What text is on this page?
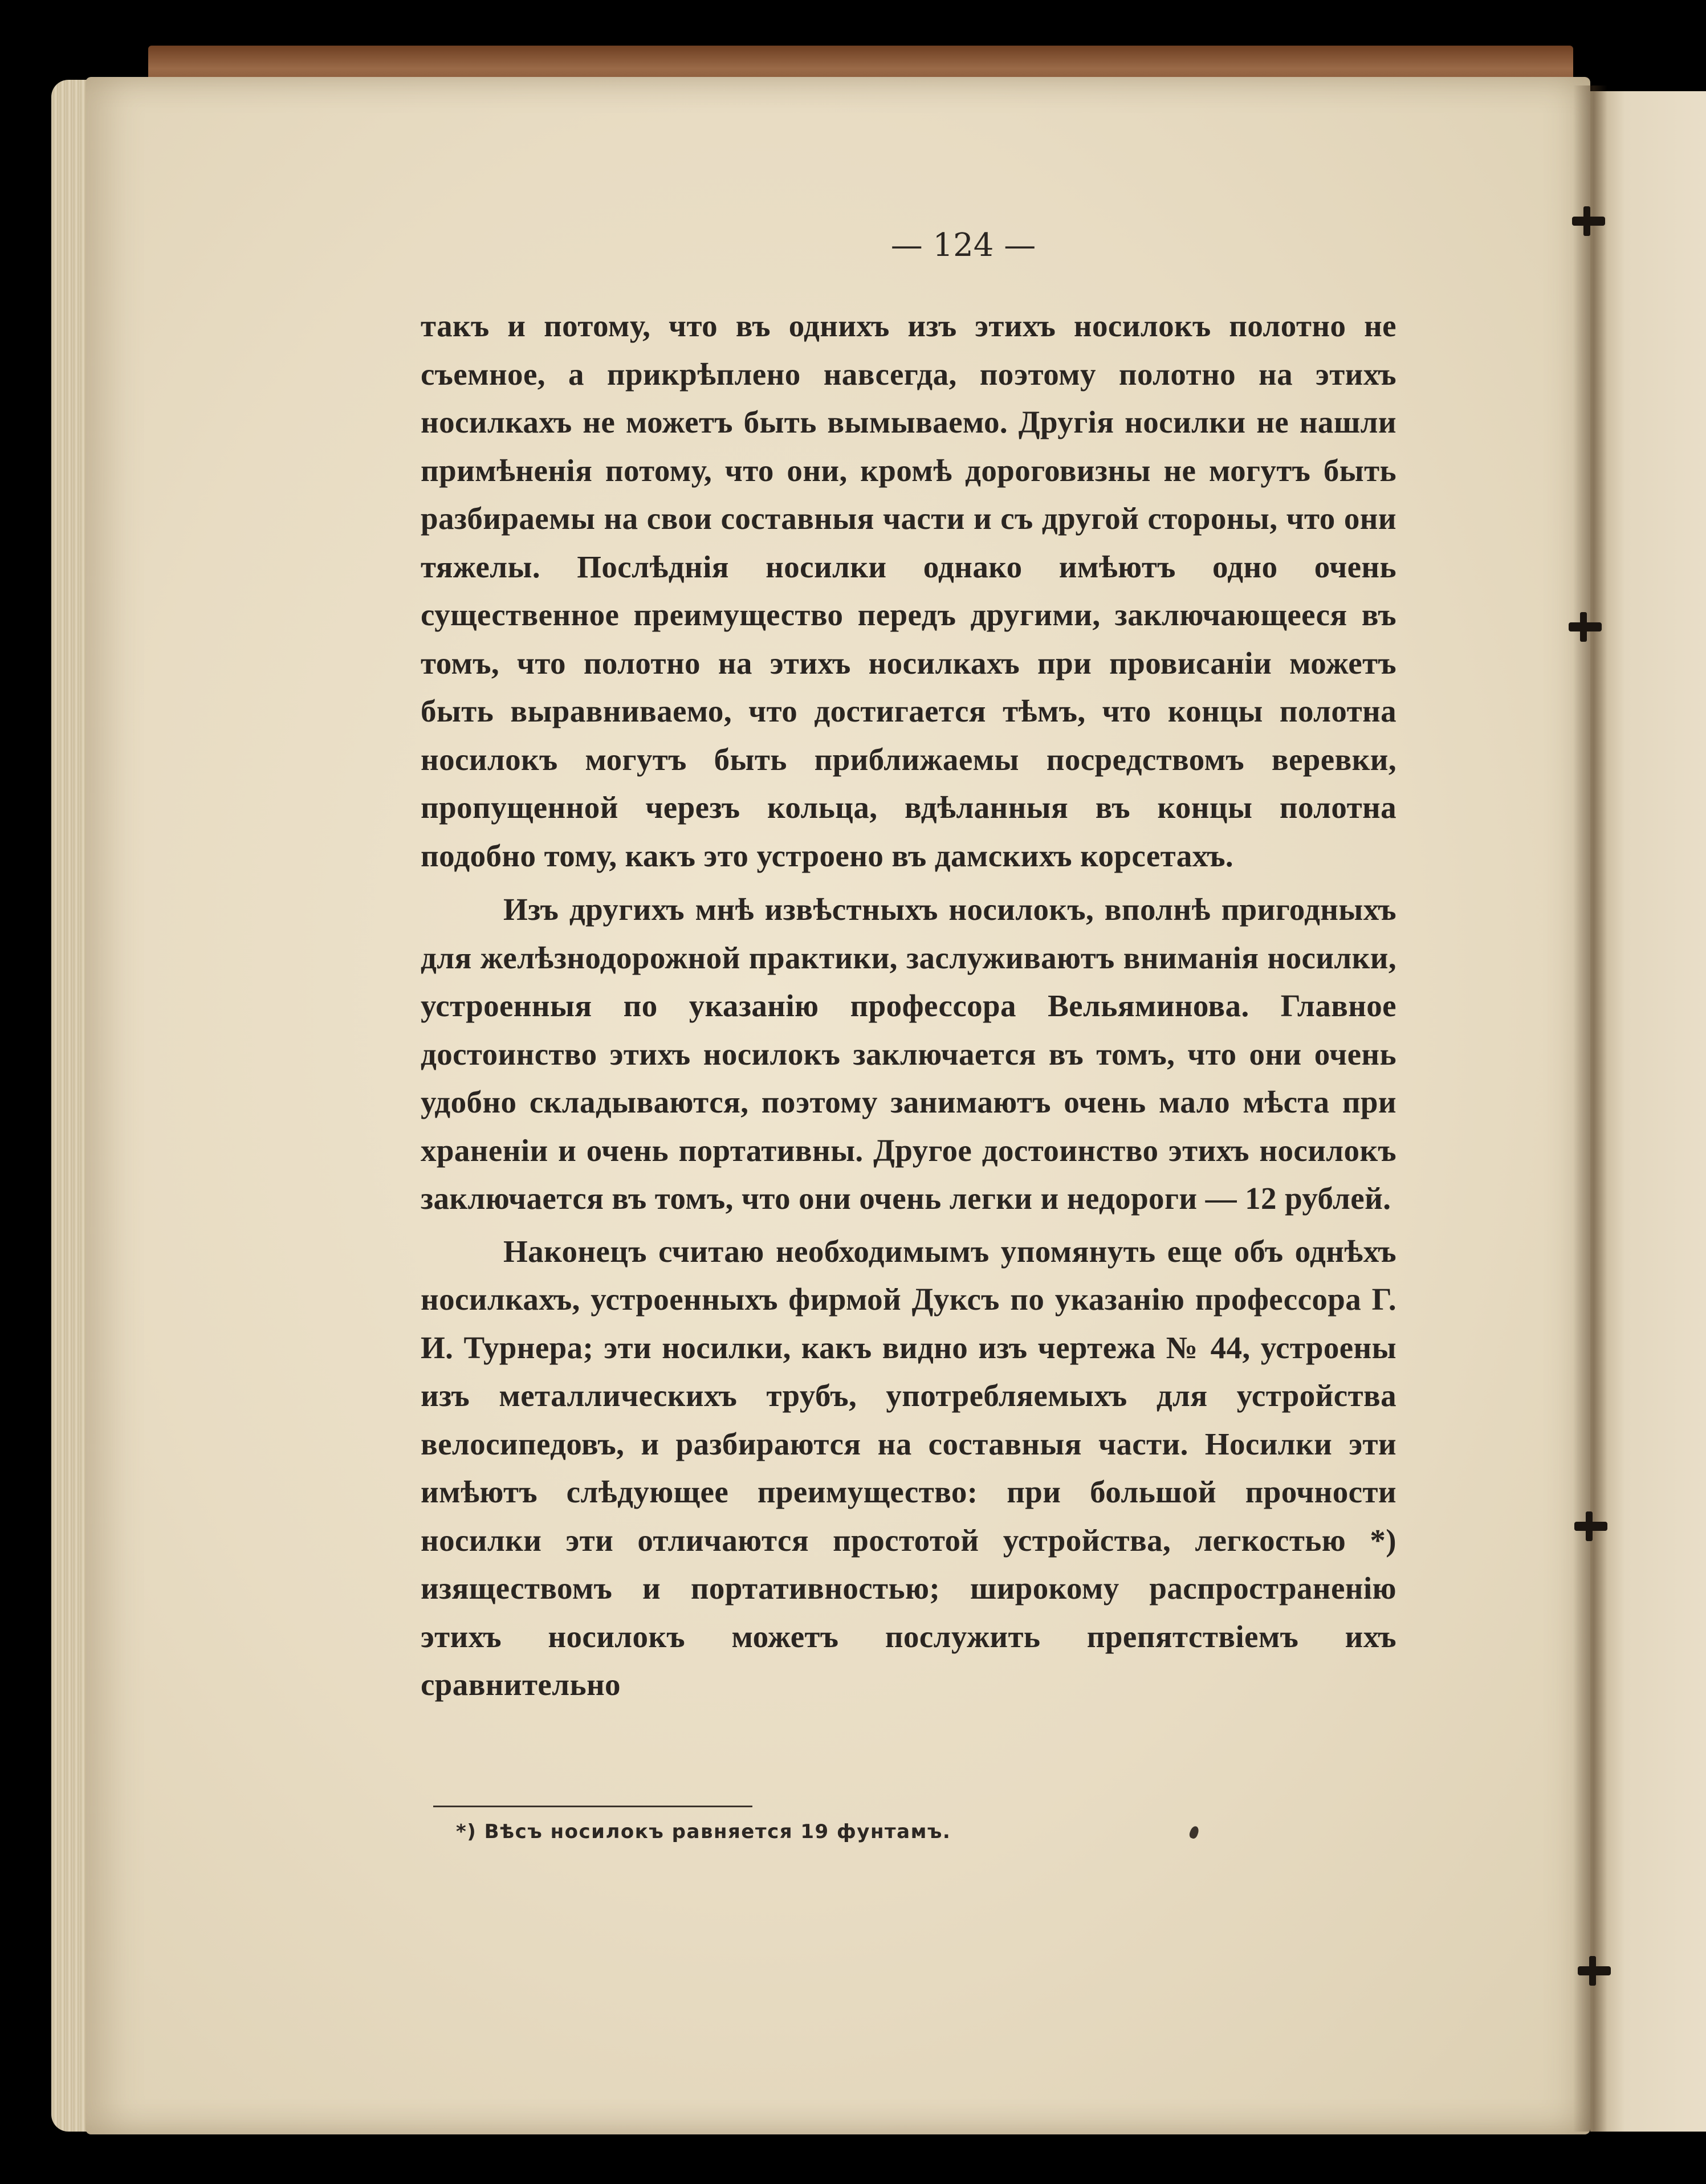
— 124 —

такъ и потому, что въ однихъ изъ этихъ носилокъ полотно не съемное, а прикрѣплено навсегда, поэтому полотно на этихъ носилкахъ не можетъ быть вымываемо. Другія носилки не нашли примѣненія потому, что они, кромѣ дороговизны не могутъ быть разбираемы на свои составныя части и съ другой стороны, что они тяжелы. Послѣднія носилки однако имѣютъ одно очень существенное преимущество передъ другими, заключающееся въ томъ, что полотно на этихъ носилкахъ при провисаніи можетъ быть выравниваемо, что достигается тѣмъ, что концы полотна носилокъ могутъ быть приближаемы посредствомъ веревки, пропущенной черезъ кольца, вдѣланныя въ концы полотна подобно тому, какъ это устроено въ дамскихъ корсетахъ.

Изъ другихъ мнѣ извѣстныхъ носилокъ, вполнѣ пригодныхъ для желѣзнодорожной практики, заслуживаютъ вниманія носилки, устроенныя по указанію профессора Вельяминова. Главное достоинство этихъ носилокъ заключается въ томъ, что они очень удобно складываются, поэтому занимаютъ очень мало мѣста при храненіи и очень портативны. Другое достоинство этихъ носилокъ заключается въ томъ, что они очень легки и недороги — 12 рублей.

Наконецъ считаю необходимымъ упомянуть еще объ однѣхъ носилкахъ, устроенныхъ фирмой Дуксъ по указанію профессора Г. И. Турнера; эти носилки, какъ видно изъ чертежа № 44, устроены изъ металлическихъ трубъ, употребляемыхъ для устройства велосипедовъ, и разбираются на составныя части. Носилки эти имѣютъ слѣдующее преимущество: при большой прочности носилки эти отличаются простотой устройства, легкостью *) изяществомъ и портативностью; широкому распространенію этихъ носилокъ можетъ послужить препятствіемъ ихъ сравнительно

*) Вѣсъ носилокъ равняется 19 фунтамъ.
